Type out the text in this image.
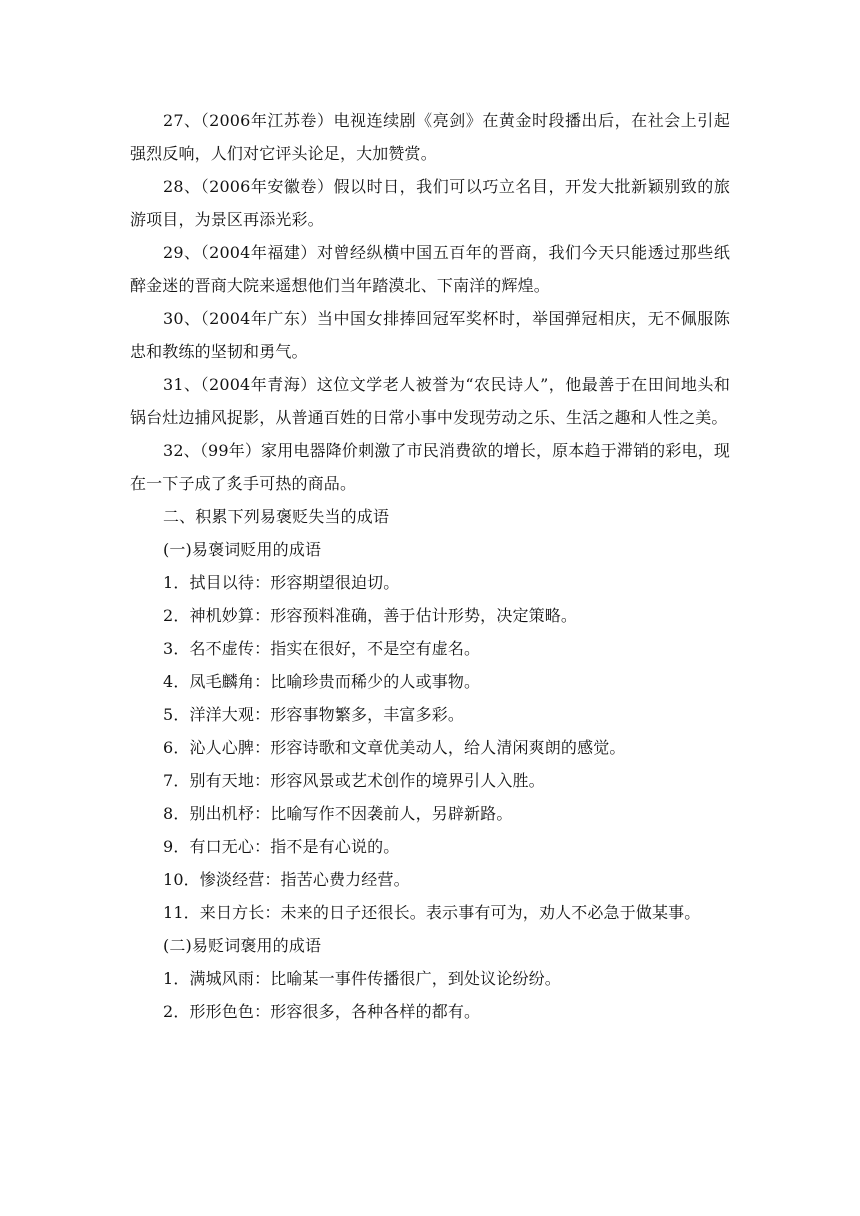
27、（2006年江苏卷）电视连续剧《亮剑》在黄金时段播出后，在社会上引起强烈反响，人们对它评头论足，大加赞赏。

28、（2006年安徽卷）假以时日，我们可以巧立名目，开发大批新颖别致的旅游项目，为景区再添光彩。

29、（2004年福建）对曾经纵横中国五百年的晋商，我们今天只能透过那些纸醉金迷的晋商大院来遥想他们当年踏漠北、下南洋的辉煌。

30、（2004年广东）当中国女排捧回冠军奖杯时，举国弹冠相庆，无不佩服陈忠和教练的坚韧和勇气。

31、（2004年青海）这位文学老人被誉为“农民诗人”，他最善于在田间地头和锅台灶边捕风捉影，从普通百姓的日常小事中发现劳动之乐、生活之趣和人性之美。

32、（99年）家用电器降价刺激了市民消费欲的增长，原本趋于滞销的彩电，现在一下子成了炙手可热的商品。

二、积累下列易褒贬失当的成语

(一)易褒词贬用的成语

1．拭目以待：形容期望很迫切。

2．神机妙算：形容预料准确，善于估计形势，决定策略。

3．名不虚传：指实在很好，不是空有虚名。

4．凤毛麟角：比喻珍贵而稀少的人或事物。

5．洋洋大观：形容事物繁多，丰富多彩。

6．沁人心脾：形容诗歌和文章优美动人，给人清闲爽朗的感觉。

7．别有天地：形容风景或艺术创作的境界引人入胜。

8．别出机杼：比喻写作不因袭前人，另辟新路。

9．有口无心：指不是有心说的。

10．惨淡经营：指苦心费力经营。

11．来日方长：未来的日子还很长。表示事有可为，劝人不必急于做某事。

(二)易贬词褒用的成语

1．满城风雨：比喻某一事件传播很广，到处议论纷纷。

2．形形色色：形容很多，各种各样的都有。
